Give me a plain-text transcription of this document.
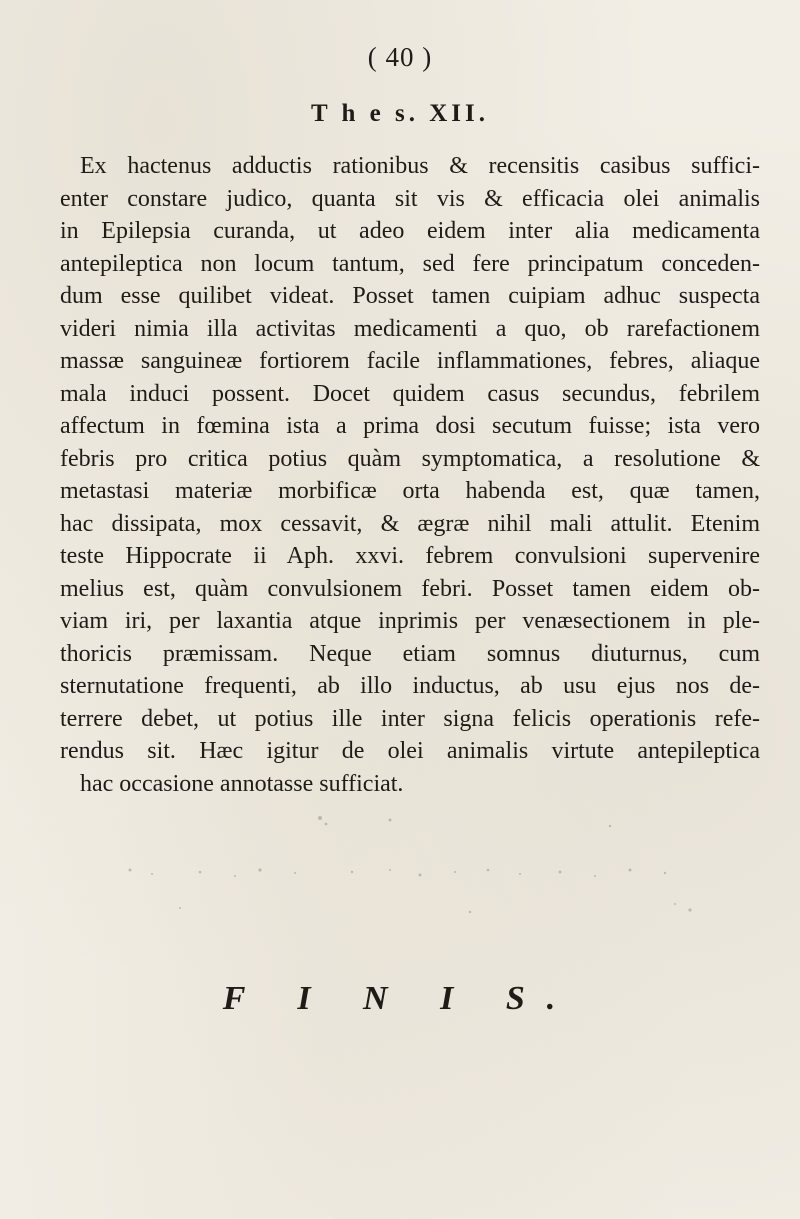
( 40 )
T h e s. XII.
Ex hactenus adductis rationibus & recensitis casibus suffici-
enter constare judico, quanta sit vis & efficacia olei animalis
in Epilepsia curanda, ut adeo eidem inter alia medicamenta
antepileptica non locum tantum, sed fere principatum conceden-
dum esse quilibet videat. Posset tamen cuipiam adhuc suspecta
videri nimia illa activitas medicamenti a quo, ob rarefactionem
massæ sanguineæ fortiorem facile inflammationes, febres, aliaque
mala induci possent. Docet quidem casus secundus, febrilem
affectum in fœmina ista a prima dosi secutum fuisse; ista vero
febris pro critica potius quàm symptomatica, a resolutione &
metastasi materiæ morbificæ orta habenda est, quæ tamen,
hac dissipata, mox cessavit, & ægræ nihil mali attulit. Etenim
teste Hippocrate ii Aph. xxvi. febrem convulsioni supervenire
melius est, quàm convulsionem febri. Posset tamen eidem ob-
viam iri, per laxantia atque inprimis per venæsectionem in ple-
thoricis præmissam. Neque etiam somnus diuturnus, cum
sternutatione frequenti, ab illo inductus, ab usu ejus nos de-
terrere debet, ut potius ille inter signa felicis operationis refe-
rendus sit. Hæc igitur de olei animalis virtute antepileptica
hac occasione annotasse sufficiat.
F I N I S.
